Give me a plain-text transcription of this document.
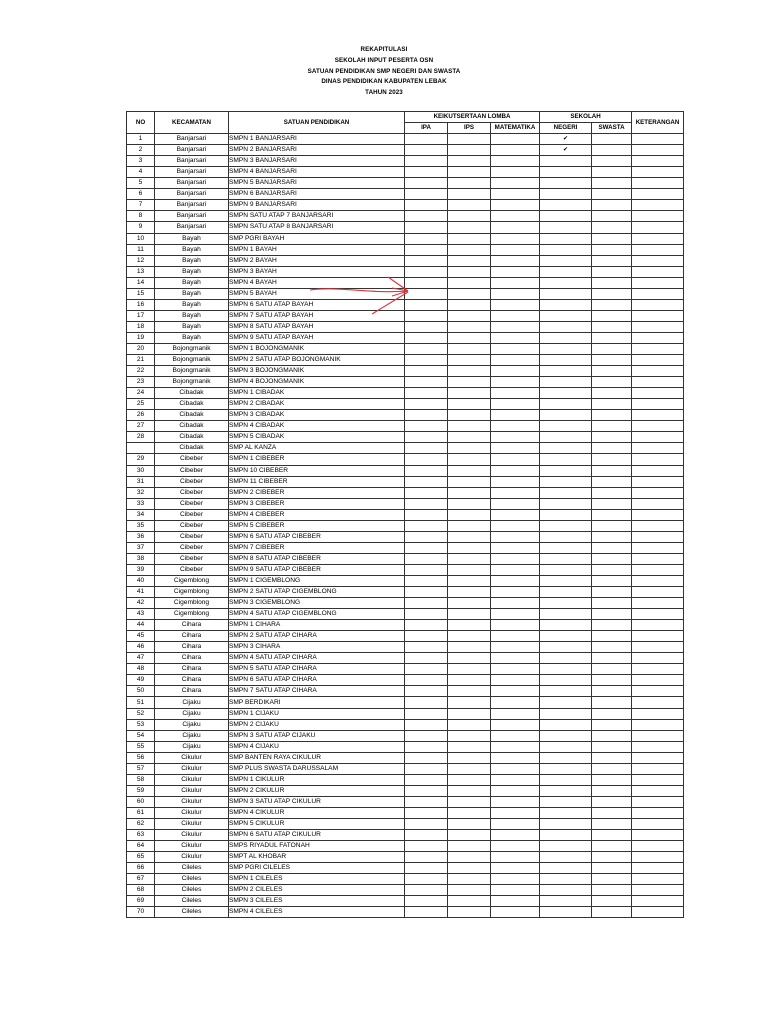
REKAPITULASI
SEKOLAH INPUT PESERTA OSN
SATUAN PENDIDIKAN SMP NEGERI DAN SWASTA
DINAS PENDIDIKAN KABUPATEN LEBAK
TAHUN 2023
NO	KECAMATAN	SATUAN PENDIDIKAN	KEIKUTSERTAAN LOMBA			SEKOLAH		KETERANGAN
			IPA	IPS	MATEMATIKA	NEGERI	SWASTA	
1	Banjarsari	SMPN 1 BANJARSARI				✔		
2	Banjarsari	SMPN 2 BANJARSARI				✔		
3	Banjarsari	SMPN 3 BANJARSARI						
4	Banjarsari	SMPN 4 BANJARSARI						
5	Banjarsari	SMPN 5 BANJARSARI						
6	Banjarsari	SMPN 6 BANJARSARI						
7	Banjarsari	SMPN 9 BANJARSARI						
8	Banjarsari	SMPN SATU ATAP 7 BANJARSARI						
9	Banjarsari	SMPN SATU ATAP 8 BANJARSARI						
10	Bayah	SMP PGRI BAYAH						
11	Bayah	SMPN 1 BAYAH						
12	Bayah	SMPN 2 BAYAH						
13	Bayah	SMPN 3 BAYAH						
14	Bayah	SMPN 4 BAYAH						
15	Bayah	SMPN 5 BAYAH						
16	Bayah	SMPN 6 SATU ATAP BAYAH						
17	Bayah	SMPN 7 SATU ATAP BAYAH						
18	Bayah	SMPN 8 SATU ATAP BAYAH						
19	Bayah	SMPN 9 SATU ATAP BAYAH						
20	Bojongmanik	SMPN 1 BOJONGMANIK						
21	Bojongmanik	SMPN 2 SATU ATAP BOJONGMANIK						
22	Bojongmanik	SMPN 3 BOJONGMANIK						
23	Bojongmanik	SMPN 4 BOJONGMANIK						
24	Cibadak	SMPN 1 CIBADAK						
25	Cibadak	SMPN 2 CIBADAK						
26	Cibadak	SMPN 3 CIBADAK						
27	Cibadak	SMPN 4 CIBADAK						
28	Cibadak	SMPN 5 CIBADAK						
	Cibadak	SMP AL KANZA						
29	Cibeber	SMPN 1 CIBEBER						
30	Cibeber	SMPN 10 CIBEBER						
31	Cibeber	SMPN 11 CIBEBER						
32	Cibeber	SMPN 2 CIBEBER						
33	Cibeber	SMPN 3 CIBEBER						
34	Cibeber	SMPN 4 CIBEBER						
35	Cibeber	SMPN 5 CIBEBER						
36	Cibeber	SMPN 6 SATU ATAP CIBEBER						
37	Cibeber	SMPN 7 CIBEBER						
38	Cibeber	SMPN 8 SATU ATAP CIBEBER						
39	Cibeber	SMPN 9 SATU ATAP CIBEBER						
40	Cigemblong	SMPN 1 CIGEMBLONG						
41	Cigemblong	SMPN 2 SATU ATAP CIGEMBLONG						
42	Cigemblong	SMPN 3 CIGEMBLONG						
43	Cigemblong	SMPN 4 SATU ATAP CIGEMBLONG						
44	Cihara	SMPN 1 CIHARA						
45	Cihara	SMPN 2 SATU ATAP CIHARA						
46	Cihara	SMPN 3 CIHARA						
47	Cihara	SMPN 4 SATU ATAP CIHARA						
48	Cihara	SMPN 5 SATU ATAP CIHARA						
49	Cihara	SMPN 6 SATU ATAP CIHARA						
50	Cihara	SMPN 7 SATU ATAP CIHARA						
51	Cijaku	SMP BERDIKARI						
52	Cijaku	SMPN 1 CIJAKU						
53	Cijaku	SMPN 2 CIJAKU						
54	Cijaku	SMPN 3 SATU ATAP CIJAKU						
55	Cijaku	SMPN 4 CIJAKU						
56	Cikulur	SMP BANTEN RAYA CIKULUR						
57	Cikulur	SMP PLUS SWASTA DARUSSALAM						
58	Cikulur	SMPN 1 CIKULUR						
59	Cikulur	SMPN 2 CIKULUR						
60	Cikulur	SMPN 3 SATU ATAP CIKULUR						
61	Cikulur	SMPN 4 CIKULUR						
62	Cikulur	SMPN 5 CIKULUR						
63	Cikulur	SMPN 6 SATU ATAP CIKULUR						
64	Cikulur	SMPS RIYADUL FATONAH						
65	Cikulur	SMPT AL KHOBAR						
66	Cileles	SMP PGRI CILELES						
67	Cileles	SMPN 1 CILELES						
68	Cileles	SMPN 2 CILELES						
69	Cileles	SMPN 3 CILELES						
70	Cileles	SMPN 4 CILELES						
